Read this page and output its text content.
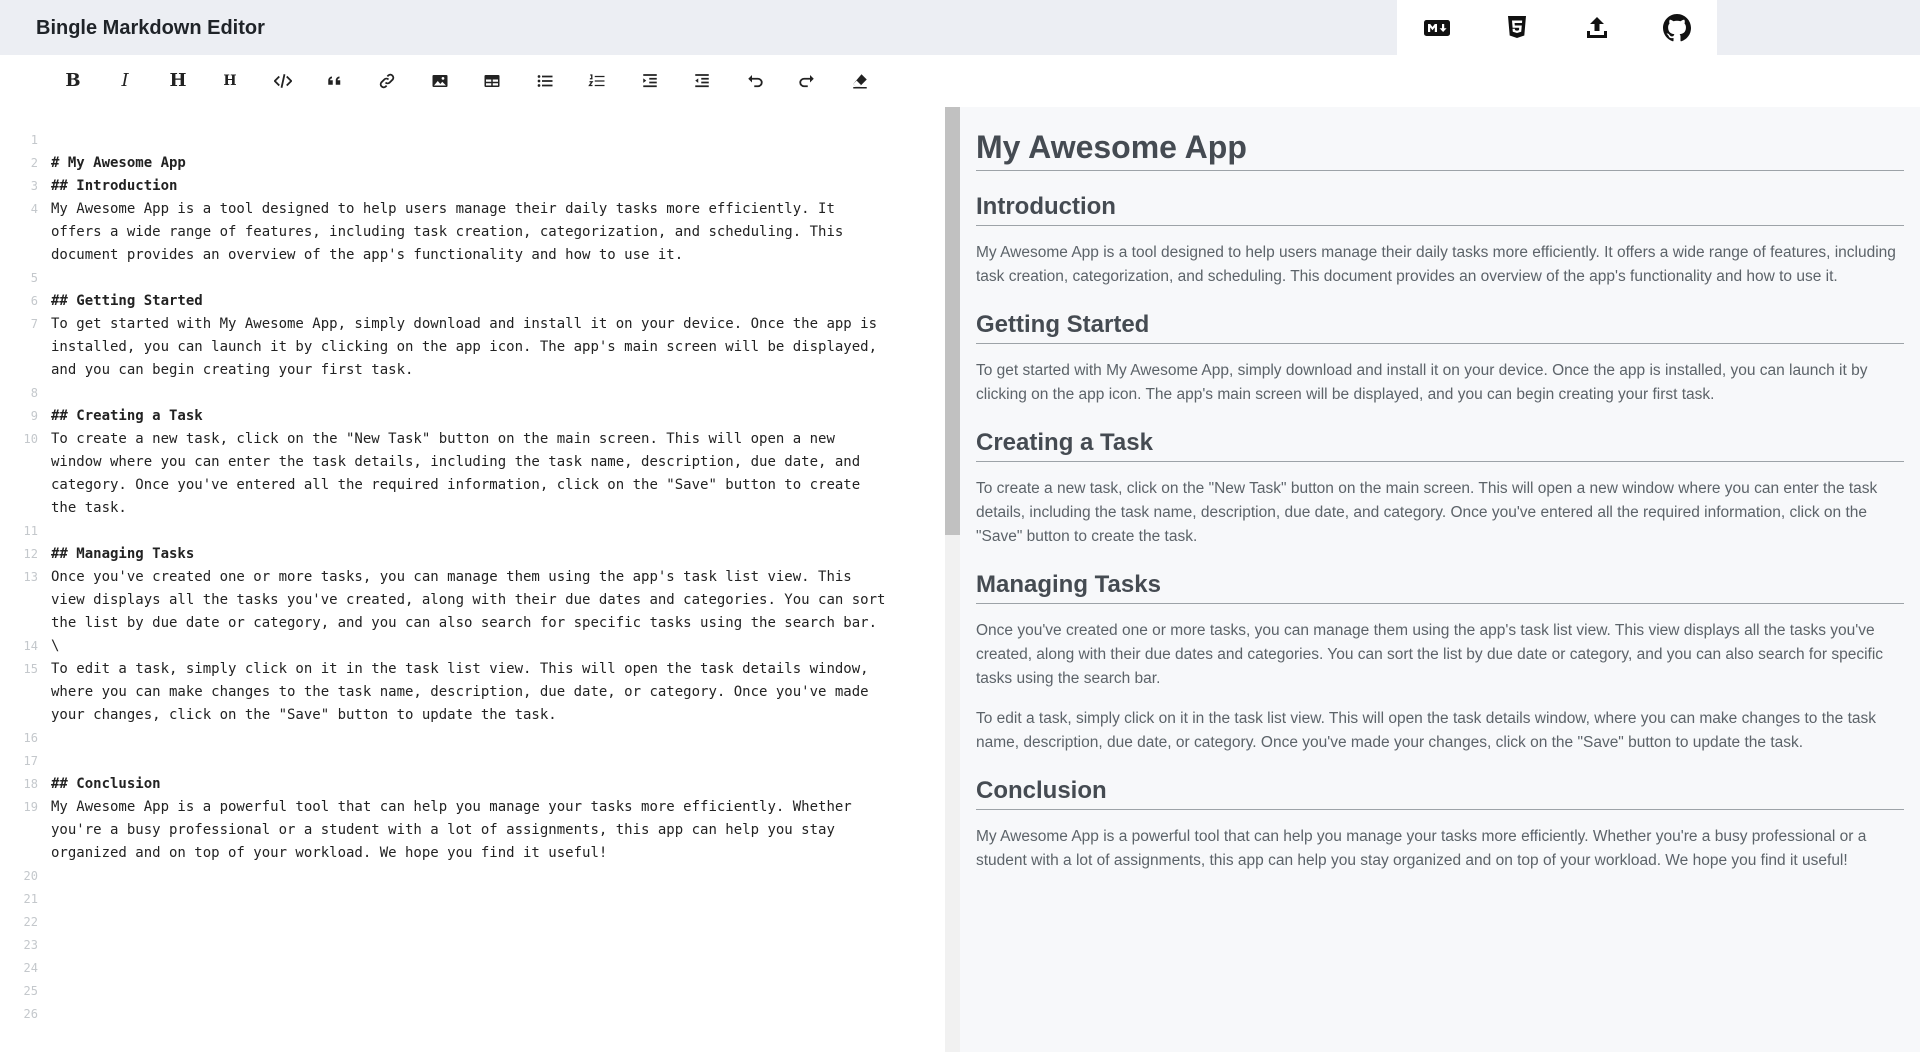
Bingle Markdown Editor
B I H	H
1
2 # My Awesome App
3 ## Introduction
4 My Awesome App is a tool designed to help users manage their daily tasks more efficiently. It
offers a wide range of features, including task creation, categorization, and scheduling. This
document provides an overview of the app's functionality and how to use it.
5
6 ## Getting Started
7 To get started with My Awesome App, simply download and install it on your device. Once the app is
installed, you can launch it by clicking on the app icon. The app's main screen will be displayed,
and you can begin creating your first task.
8
9 ## Creating a Task
10 To create a new task, click on the "New Task" button on the main screen. This will open a new
window where you can enter the task details, including the task name, description, due date, and
category. Once you've entered all the required information, click on the "Save" button to create
the task.
11
12 ## Managing Tasks
13 Once you've created one or more tasks, you can manage them using the app's task list view. This
view displays all the tasks you've created, along with their due dates and categories. You can sort
the list by due date or category, and you can also search for specific tasks using the search bar.

14 \
15 To edit a task, simply click on it in the task list view. This will open the task details window,
where you can make changes to the task name, description, due date, or category. Once you've made
your changes, click on the "Save" button to update the task.
16
17
18 ## Conclusion
19 My Awesome App is a powerful tool that can help you manage your tasks more efficiently. Whether
you're a busy professional or a student with a lot of assignments, this app can help you stay
organized and on top of your workload. We hope you find it useful!
20
21
22
23
24
25
26
My Awesome App
Introduction

My Awesome App is a tool designed to help users manage their daily tasks more efficiently. It offers a wide range of features, including task creation, categorization, and scheduling. This document provides an overview of the app's functionality and how to use it.

Getting Started

To get started with My Awesome App, simply download and install it on your device. Once the app is installed, you can launch it by clicking on the app icon. The app's main screen will be displayed, and you can begin creating your first task.

Creating a Task

To create a new task, click on the "New Task" button on the main screen. This will open a new window where you can enter the task details, including the task name, description, due date, and category. Once you've entered all the required information, click on the "Save" button to create the task.

Managing Tasks

Once you've created one or more tasks, you can manage them using the app's task list view. This view displays all the tasks you've created, along with their due dates and categories. You can sort the list by due date or category, and you can also search for specific tasks using the search bar.

To edit a task, simply click on it in the task list view. This will open the task details window, where you can make changes to the task name, description, due date, or category. Once you've made your changes, click on the "Save" button to update the task.

Conclusion

My Awesome App is a powerful tool that can help you manage your tasks more efficiently. Whether you're a busy professional or a student with a lot of assignments, this app can help you stay organized and on top of your workload. We hope you find it useful!
